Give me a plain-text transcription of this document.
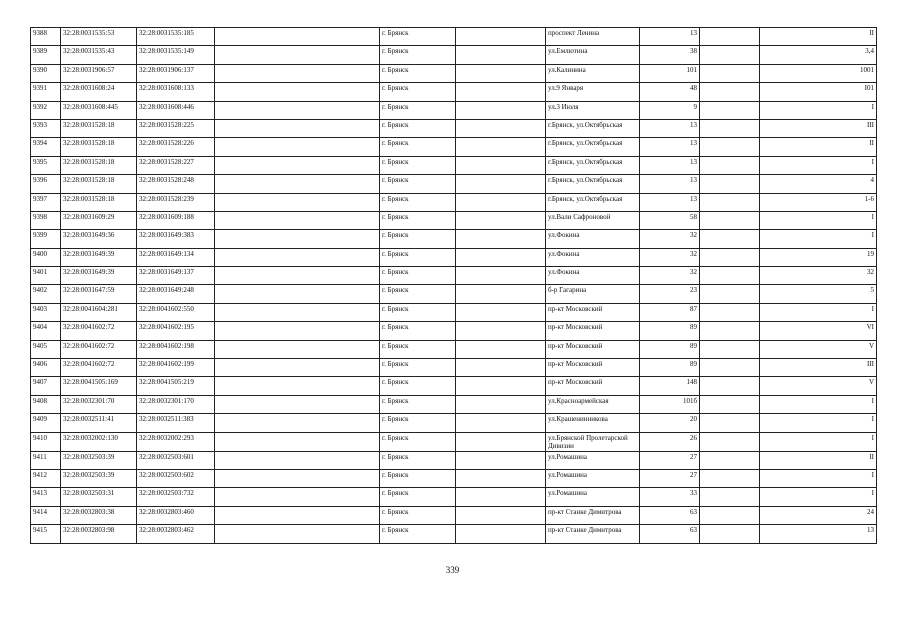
9388	32:28:0031535:53	32:28:0031535:185		г. Брянск		проспект Ленина	13		II
9389	32:28:0031535:43	32:28:0031535:149		г. Брянск		ул.Емлютина	38		3,4
9390	32:28:0031906:57	32:28:0031906:137		г. Брянск		ул.Калинина	101		1001
9391	32:28:0031608:24	32:28:0031608:133		г. Брянск		ул.9 Января	48		I01
9392	32:28:0031608:445	32:28:0031608:446		г. Брянск		ул.3 Июля	9		I
9393	32:28:0031528:18	32:28:0031528:225		г. Брянск		г.Брянск, ул.Октябрьская	13		III
9394	32:28:0031528:18	32:28:0031528:226		г. Брянск		г.Брянск, ул.Октябрьская	13		II
9395	32:28:0031528:18	32:28:0031528:227		г. Брянск		г.Брянск, ул.Октябрьская	13		I
9396	32:28:0031528:18	32:28:0031528:248		г. Брянск		г.Брянск, ул.Октябрьская	13		4
9397	32:28:0031528:18	32:28:0031528:239		г. Брянск		г.Брянск, ул.Октябрьская	13		1-6
9398	32:28:0031609:29	32:28:0031609:188		г. Брянск		ул.Вали Сафроновой	58		I
9399	32:28:0031649:36	32:28:0031649:383		г. Брянск		ул.Фокина	32		I
9400	32:28:0031649:39	32:28:0031649:134		г. Брянск		ул.Фокина	32		19
9401	32:28:0031649:39	32:28:0031649:137		г. Брянск		ул.Фокина	32		32
9402	32:28:0031647:59	32:28:0031649:248		г. Брянск		б-р Гагарина	23		5
9403	32:28:0041604:281	32:28:0041602:550		г. Брянск		пр-кт Московский	87		I
9404	32:28:0041602:72	32:28:0041602:195		г. Брянск		пр-кт Московский	89		VI
9405	32:28:0041602:72	32:28:0041602:198		г. Брянск		пр-кт Московский	89		V
9406	32:28:0041602:72	32:28:0041602:199		г. Брянск		пр-кт Московский	89		III
9407	32:28:0041505:169	32:28:0041505:219		г. Брянск		пр-кт Московский	148		V
9408	32:28:0032301:70	32:28:0032301:170		г. Брянск		ул.Красноармейская	101б		I
9409	32:28:0032511:41	32:28:0032511:383		г. Брянск		ул.Крашенинникова	20		I
9410	32:28:0032002:130	32:28:0032002:293		г. Брянск		ул.Брянской Пролетарской Дивизии	26		I
9411	32:28:0032503:39	32:28:0032503:601		г. Брянск		ул.Ромашина	27		II
9412	32:28:0032503:39	32:28:0032503:602		г. Брянск		ул.Ромашина	27		I
9413	32:28:0032503:31	32:28:0032503:732		г. Брянск		ул.Ромашина	33		I
9414	32:28:0032803:38	32:28:0032803:460		г. Брянск		пр-кт Станке Димитрова	63		24
9415	32:28:0032803:98	32:28:0032803:462		г. Брянск		пр-кт Станке Димитрова	63		13
339
